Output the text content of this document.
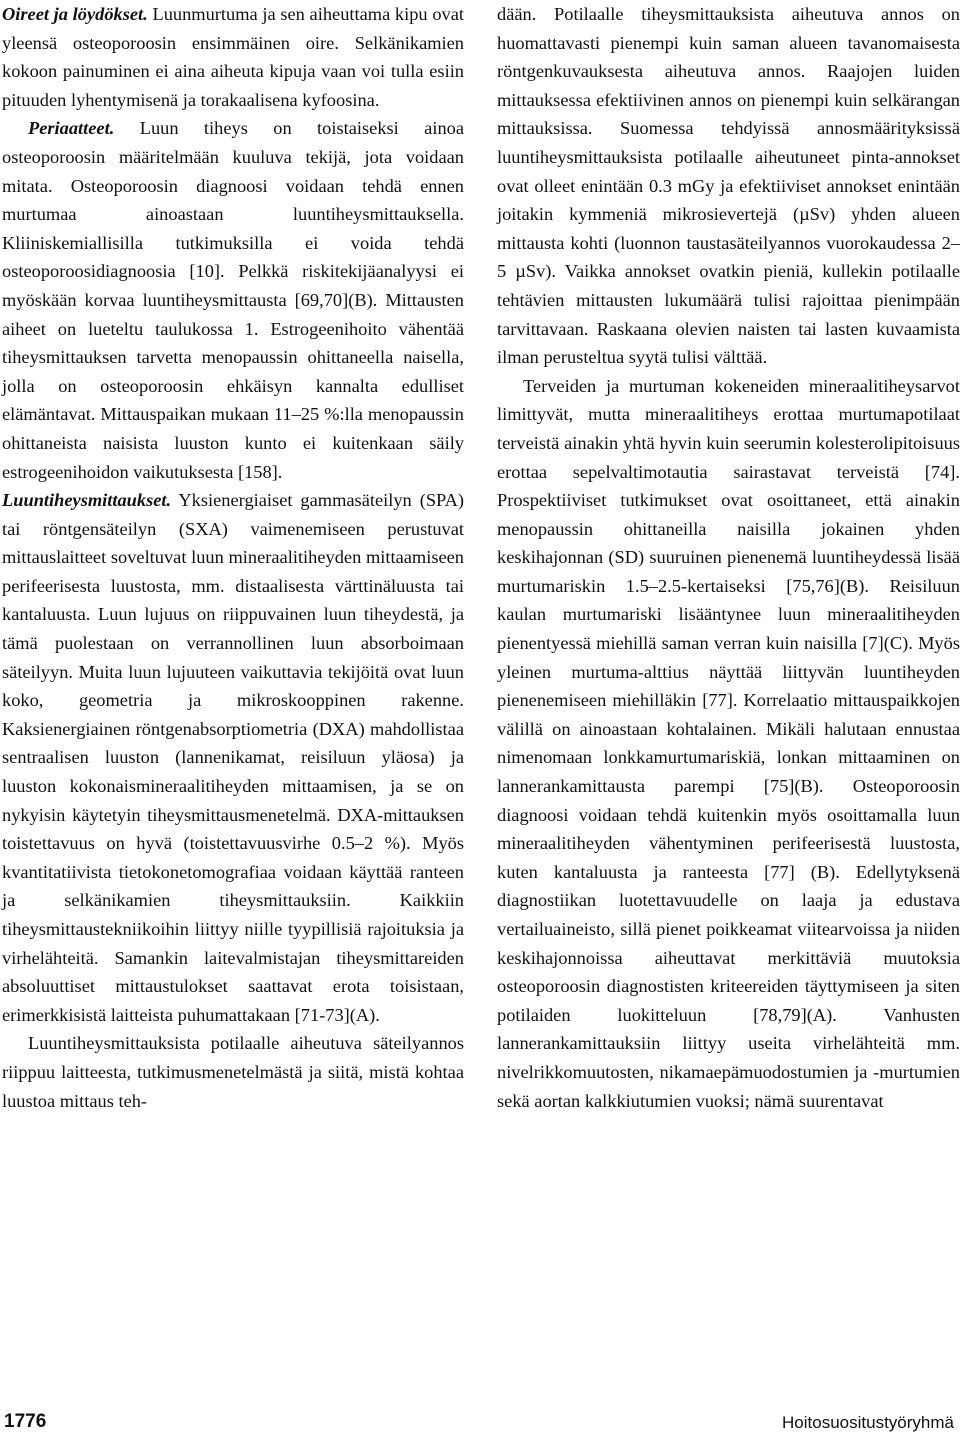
Oireet ja löydökset. Luunmurtuma ja sen aiheuttama kipu ovat yleensä osteoporoosin ensimmäinen oire. Selkänikamien kokoon painuminen ei aina aiheuta kipuja vaan voi tulla esiin pituuden lyhentymisenä ja torakaalisena kyfoosina.

Periaatteet. Luun tiheys on toistaiseksi ainoa osteoporoosin määritelmään kuuluva tekijä, jota voidaan mitata. Osteoporoosin diagnoosi voidaan tehdä ennen murtumaa ainoastaan luuntiheysmittauksella. Kliiniskemiallisilla tutkimuksilla ei voida tehdä osteoporoosidiagnoosia [10]. Pelkkä riskitekijäanalyysi ei myöskään korvaa luuntiheysmittausta [69,70](B). Mittausten aiheet on lueteltu taulukossa 1. Estrogeenihoito vähentää tiheysmittauksen tarvetta menopaussin ohittaneella naisella, jolla on osteoporoosin ehkäisyn kannalta edulliset elämäntavat. Mittauspaikan mukaan 11–25 %:lla menopaussin ohittaneista naisista luuston kunto ei kuitenkaan säily estrogeenihoidon vaikutuksesta [158].

Luuntiheysmittaukset. Yksienergiaiset gammasäteilyn (SPA) tai röntgensäteilyn (SXA) vaimenemiseen perustuvat mittauslaitteet soveltuvat luun mineraalitiheyden mittaamiseen perifeerisesta luustosta, mm. distaalisesta värttinäluusta tai kantaluusta. Luun lujuus on riippuvainen luun tiheydestä, ja tämä puolestaan on verrannollinen luun absorboimaan säteilyyn. Muita luun lujuuteen vaikuttavia tekijöitä ovat luun koko, geometria ja mikroskooppinen rakenne. Kaksienergiainen röntgenabsorptiometria (DXA) mahdollistaa sentraalisen luuston (lannenikamat, reisiluun yläosa) ja luuston kokonaismineraalitiheyden mittaamisen, ja se on nykyisin käytetyin tiheysmittausmenetelmä. DXA-mittauksen toistettavuus on hyvä (toistettavuusvirhe 0.5–2 %). Myös kvantitatiivista tietokonetomografiaa voidaan käyttää ranteen ja selkänikamien tiheysmittauksiin. Kaikkiin tiheysmittaustekniikoihin liittyy niille tyypillisiä rajoituksia ja virhelähteitä. Samankin laitevalmistajan tiheysmittareiden absoluuttiset mittaustulokset saattavat erota toisistaan, erimerkkisistä laitteista puhumattakaan [71-73](A).

Luuntiheysmittauksista potilaalle aiheutuva säteilyannos riippuu laitteesta, tutkimusmenetelmästä ja siitä, mistä kohtaa luustoa mittaus teh-

dään. Potilaalle tiheysmittauksista aiheutuva annos on huomattavasti pienempi kuin saman alueen tavanomaisesta röntgenkuvauksesta aiheutuva annos. Raajojen luiden mittauksessa efektiivinen annos on pienempi kuin selkärangan mittauksissa. Suomessa tehdyissä annosmäärityksissä luuntiheysmittauksista potilaalle aiheutuneet pinta-annokset ovat olleet enintään 0.3 mGy ja efektiiviset annokset enintään joitakin kymmeniä mikrosievertejä (µSv) yhden alueen mittausta kohti (luonnon taustasäteilyannos vuorokaudessa 2–5 µSv). Vaikka annokset ovatkin pieniä, kullekin potilaalle tehtävien mittausten lukumäärä tulisi rajoittaa pienimpään tarvittavaan. Raskaana olevien naisten tai lasten kuvaamista ilman perusteltua syytä tulisi välttää.

Terveiden ja murtuman kokeneiden mineraalitiheysarvot limittyvät, mutta mineraalitiheys erottaa murtumapotilaat terveistä ainakin yhtä hyvin kuin seerumin kolesterolipitoisuus erottaa sepelvaltimotautia sairastavat terveistä [74]. Prospektiiviset tutkimukset ovat osoittaneet, että ainakin menopaussin ohittaneilla naisilla jokainen yhden keskihajonnan (SD) suuruinen pienenemä luuntiheydessä lisää murtumariskin 1.5–2.5-kertaiseksi [75,76](B). Reisiluun kaulan murtumariski lisääntynee luun mineraalitiheyden pienentyessä miehillä saman verran kuin naisilla [7](C). Myös yleinen murtuma-alttius näyttää liittyvän luuntiheyden pienenemiseen miehilläkin [77]. Korrelaatio mittauspaikkojen välillä on ainoastaan kohtalainen. Mikäli halutaan ennustaa nimenomaan lonkkamurtumariskiä, lonkan mittaaminen on lannerankamittausta parempi [75](B). Osteoporoosin diagnoosi voidaan tehdä kuitenkin myös osoittamalla luun mineraalitiheyden vähentyminen perifeerisestä luustosta, kuten kantaluusta ja ranteesta [77] (B). Edellytyksenä diagnostiikan luotettavuudelle on laaja ja edustava vertailuaineisto, sillä pienet poikkeamat viitearvoissa ja niiden keskihajonnoissa aiheuttavat merkittäviä muutoksia osteoporoosin diagnostisten kriteereiden täyttymiseen ja siten potilaiden luokitteluun [78,79](A). Vanhusten lannerankamittauksiin liittyy useita virhelähteitä mm. nivelrikkomuutosten, nikamaepämuodostumien ja -murtumien sekä aortan kalkkiutumien vuoksi; nämä suurentavat

1776	Hoitosuositustyöryhmä
